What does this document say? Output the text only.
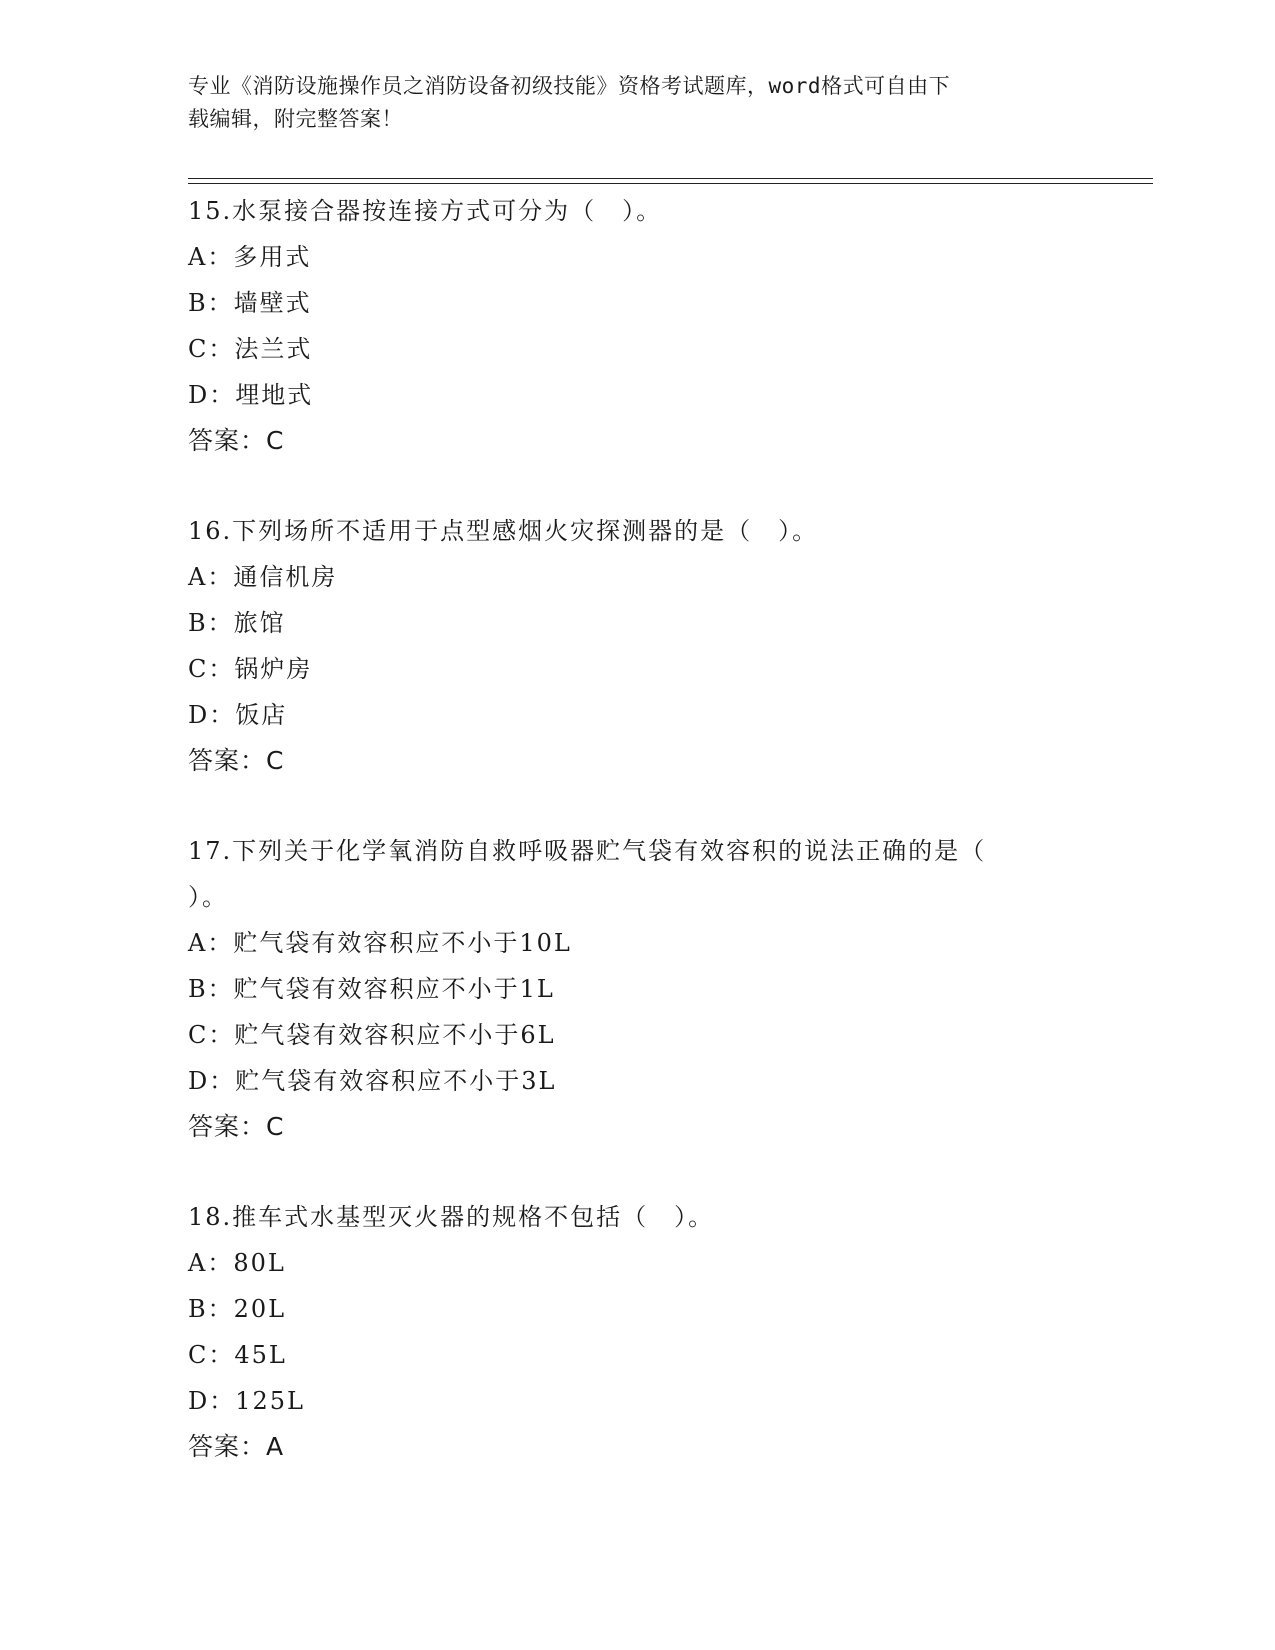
专业《消防设施操作员之消防设备初级技能》资格考试题库，word格式可自由下
载编辑，附完整答案！
15.水泵接合器按连接方式可分为（　）。
A：多用式
B：墙壁式
C：法兰式
D：埋地式
答案：C
16.下列场所不适用于点型感烟火灾探测器的是（　）。
A：通信机房
B：旅馆
C：锅炉房
D：饭店
答案：C
17.下列关于化学氧消防自救呼吸器贮气袋有效容积的说法正确的是（
）。
A：贮气袋有效容积应不小于10L
B：贮气袋有效容积应不小于1L
C：贮气袋有效容积应不小于6L
D：贮气袋有效容积应不小于3L
答案：C
18.推车式水基型灭火器的规格不包括（　）。
A：80L
B：20L
C：45L
D：125L
答案：A
